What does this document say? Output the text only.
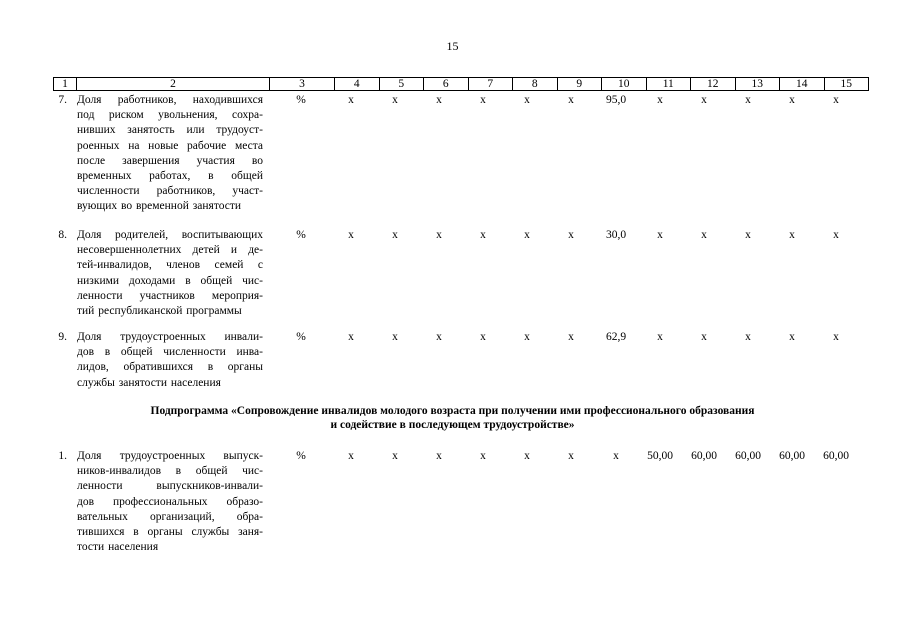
15
1	2	3	4	5	6	7	8	9	10	11	12	13	14	15
7. Доля работников, находившихся
под риском увольнения, сохра-
нивших занятость или трудоуст-
роенных на новые рабочие места
после завершения участия во
временных работах, в общей
численности работников, участ-
вующих во временной занятости
%	x	x	x	x	x	x	95,0	x	x	x	x	x
8. Доля родителей, воспитывающих
несовершеннолетних детей и де-
тей-инвалидов, членов семей с
низкими доходами в общей чис-
ленности участников мероприя-
тий республиканской программы
%	x	x	x	x	x	x	30,0	x	x	x	x	x
9. Доля трудоустроенных инвали-
дов в общей численности инва-
лидов, обратившихся в органы
службы занятости населения
%	x	x	x	x	x	x	62,9	x	x	x	x	x
Подпрограмма «Сопровождение инвалидов молодого возраста при получении ими профессионального образования
и содействие в последующем трудоустройстве»
1. Доля трудоустроенных выпуск-
ников-инвалидов в общей чис-
ленности выпускников-инвали-
дов профессиональных образо-
вательных организаций, обра-
тившихся в органы службы заня-
тости населения
%	x	x	x	x	x	x	x	50,00	60,00	60,00	60,00	60,00
